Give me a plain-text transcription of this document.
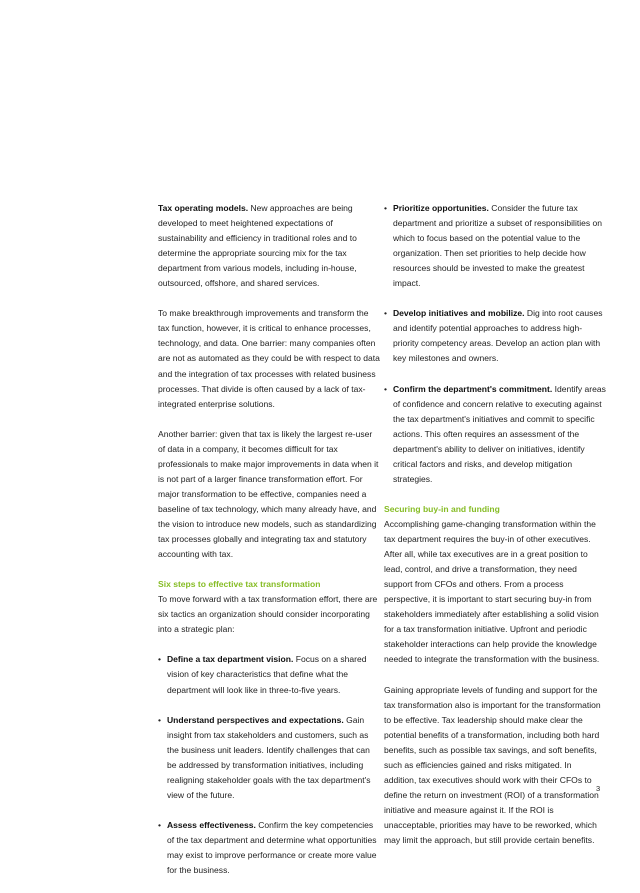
Tax operating models. New approaches are being developed to meet heightened expectations of sustainability and efficiency in traditional roles and to determine the appropriate sourcing mix for the tax department from various models, including in-house, outsourced, offshore, and shared services.

To make breakthrough improvements and transform the tax function, however, it is critical to enhance processes, technology, and data. One barrier: many companies often are not as automated as they could be with respect to data and the integration of tax processes with related business processes. That divide is often caused by a lack of tax-integrated enterprise solutions.

Another barrier: given that tax is likely the largest re-user of data in a company, it becomes difficult for tax professionals to make major improvements in data when it is not part of a larger finance transformation effort. For major transformation to be effective, companies need a baseline of tax technology, which many already have, and the vision to introduce new models, such as standardizing tax processes globally and integrating tax and statutory accounting with tax.

Six steps to effective tax transformation

To move forward with a tax transformation effort, there are six tactics an organization should consider incorporating into a strategic plan:

• Define a tax department vision. Focus on a shared vision of key characteristics that define what the department will look like in three-to-five years.
• Understand perspectives and expectations. Gain insight from tax stakeholders and customers, such as the business unit leaders. Identify challenges that can be addressed by transformation initiatives, including realigning stakeholder goals with the tax department's view of the future.
• Assess effectiveness. Confirm the key competencies of the tax department and determine what opportunities may exist to improve performance or create more value for the business.
• Prioritize opportunities. Consider the future tax department and prioritize a subset of responsibilities on which to focus based on the potential value to the organization. Then set priorities to help decide how resources should be invested to make the greatest impact.
• Develop initiatives and mobilize. Dig into root causes and identify potential approaches to address high-priority competency areas. Develop an action plan with key milestones and owners.
• Confirm the department's commitment. Identify areas of confidence and concern relative to executing against the tax department's initiatives and commit to specific actions. This often requires an assessment of the department's ability to deliver on initiatives, identify critical factors and risks, and develop mitigation strategies.

Securing buy-in and funding

Accomplishing game-changing transformation within the tax department requires the buy-in of other executives. After all, while tax executives are in a great position to lead, control, and drive a transformation, they need support from CFOs and others. From a process perspective, it is important to start securing buy-in from stakeholders immediately after establishing a solid vision for a tax transformation initiative. Upfront and periodic stakeholder interactions can help provide the knowledge needed to integrate the transformation with the business.

Gaining appropriate levels of funding and support for the tax transformation also is important for the transformation to be effective. Tax leadership should make clear the potential benefits of a transformation, including both hard benefits, such as possible tax savings, and soft benefits, such as efficiencies gained and risks mitigated. In addition, tax executives should work with their CFOs to define the return on investment (ROI) of a transformation initiative and measure against it. If the ROI is unacceptable, priorities may have to be reworked, which may limit the approach, but still provide certain benefits.

3
